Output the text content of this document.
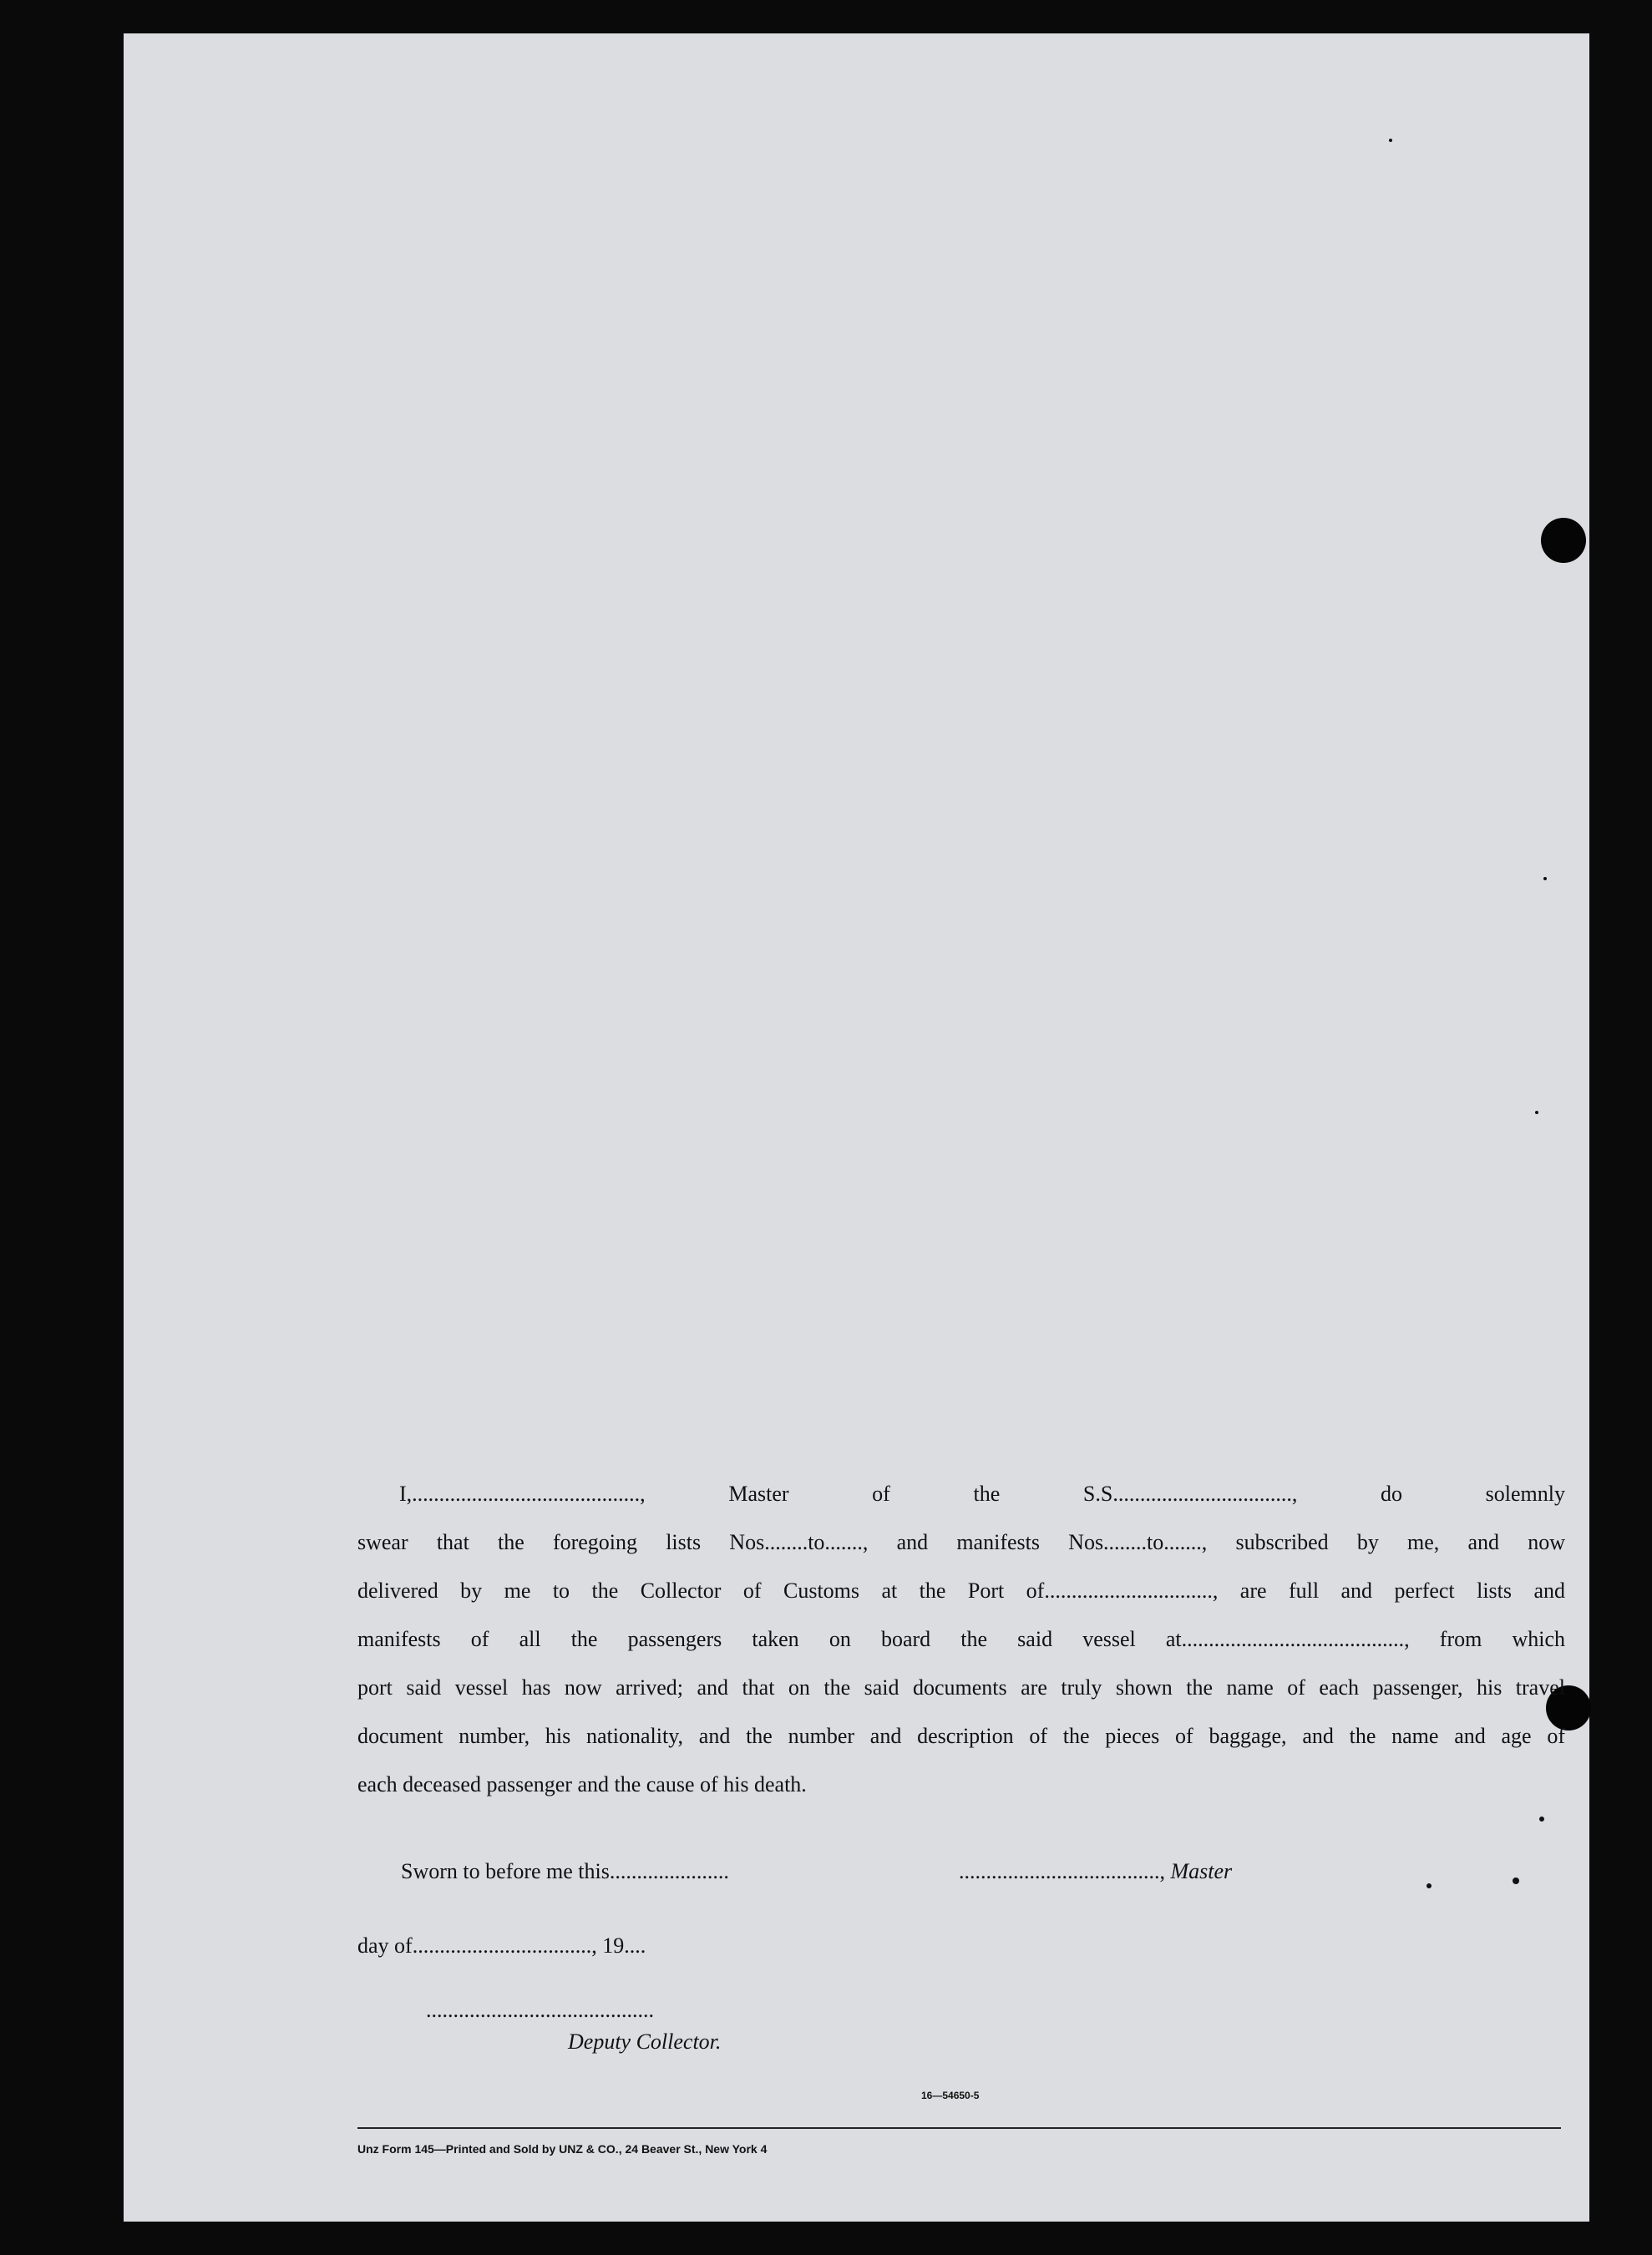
I,.........................................., Master of the S.S................................., do solemnly
swear that the foregoing lists Nos........to......., and manifests Nos........to......., subscribed by me, and now
delivered by me to the Collector of Customs at the Port of..............................., are full and perfect lists and
manifests of all the passengers taken on board the said vessel at........................................., from which
port said vessel has now arrived; and that on the said documents are truly shown the name of each passenger, his travel
document number, his nationality, and the number and description of the pieces of baggage, and the name and age of
each deceased passenger and the cause of his death.
Sworn to before me this......................	....................................., Master
day of................................., 19....
..........................................
Deputy Collector.
16—54650-5
Unz Form 145—Printed and Sold by UNZ & CO., 24 Beaver St., New York 4
